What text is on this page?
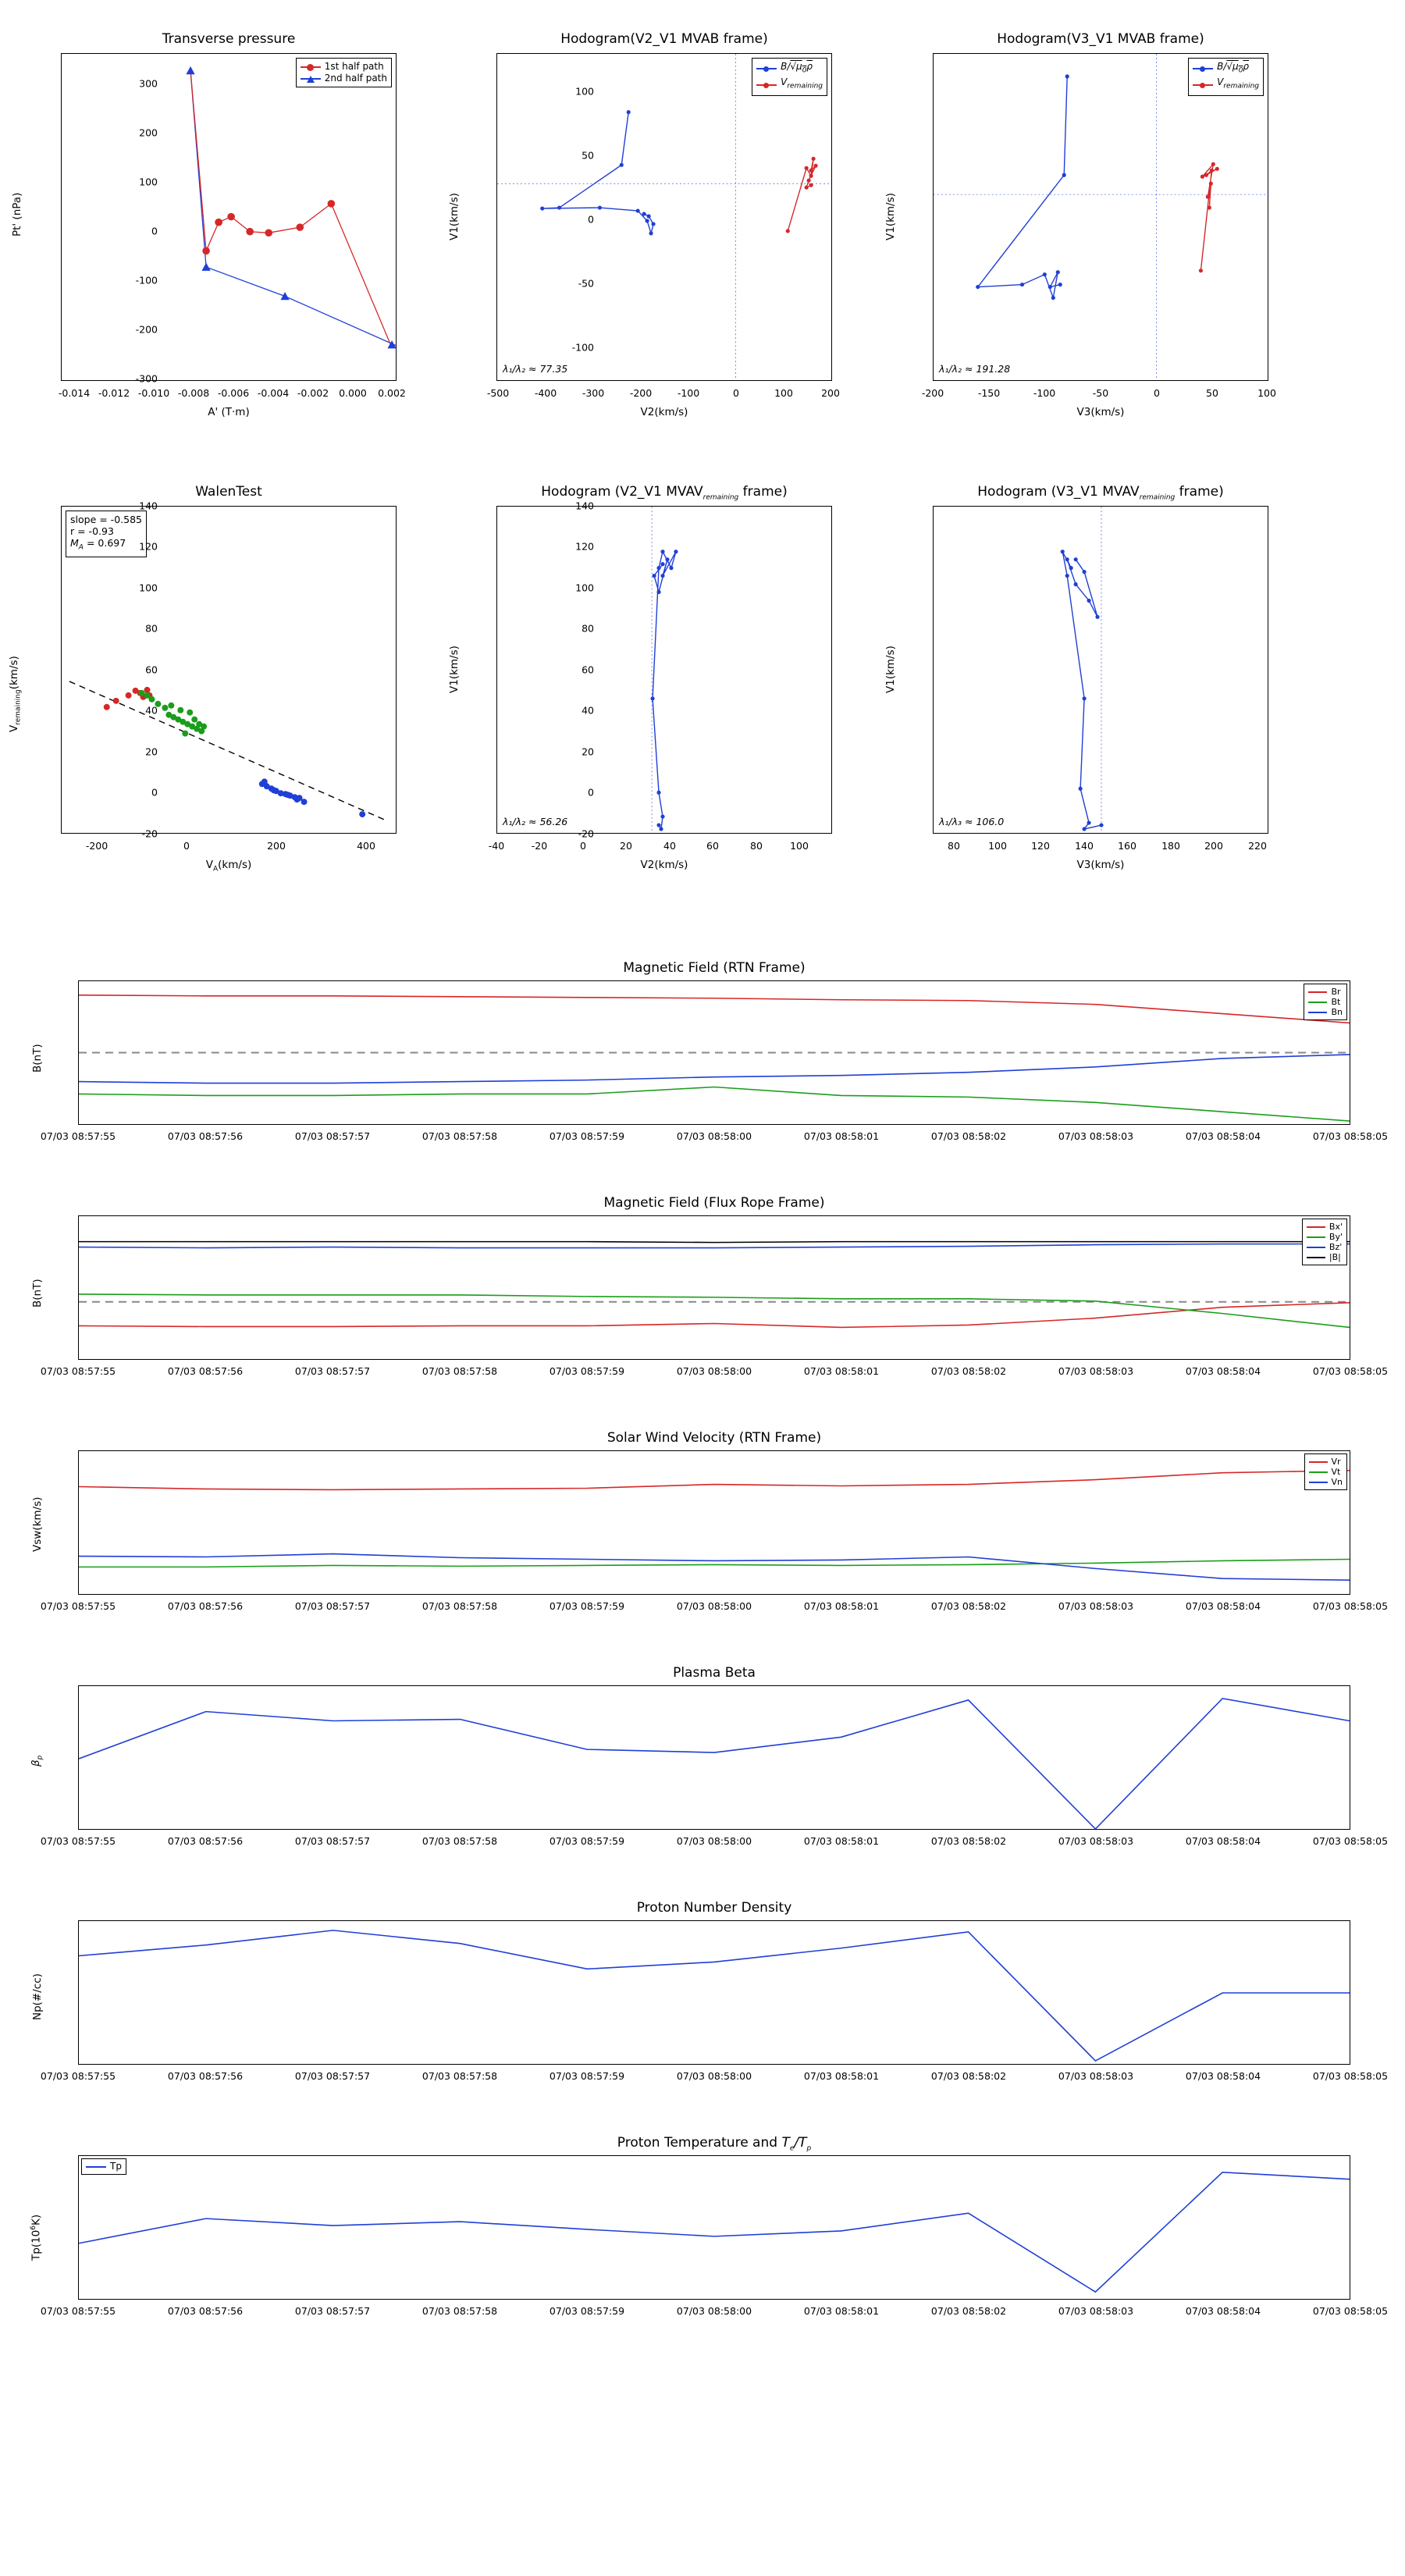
Transverse pressure
1st half path
2nd half path
-0.014 -0.012 -0.010 -0.008 -0.006 -0.004 -0.002 0.000 0.002
A' (T·m)
Pt' (nPa)
Hodogram(V2_V1 MVAB frame)
$B/√\mu_0\rho$
$V_{remaining}$
λ₁/λ₂ ≈ 77.35
-300
-200
-100
0
100
200
300
-500	-400	-300	-200	-100	0	100	200
V2(km/s)
V1(km/s)
Hodogram(V3_V1 MVAB frame)
$B/√\mu_0\rho$
$V_{remaining}$
λ₁/λ₂ ≈ 191.28
-100
-50
0
50
100
-200	-150	-100	-50	0	50	100
V3(km/s)
V1(km/s)
WalenTest
slope = -0.585
r = -0.93
$M_A = 0.697$
-200	0	200	400
$V_A(km/s)$
$V_{remaining}(km/s)$
Hodogram (V2_V1 $MVAV_{remaining}$ frame)
λ₁/λ₂ ≈ 56.26
-20
0
20
40
60
80
100
120
140
-40	-20	0	20	40	60	80	100
V2(km/s)
V1(km/s)
Hodogram (V3_V1 $MVAV_{remaining}$ frame)
λ₁/λ₃ ≈ 106.0
-20
0
20
40
60
80
100
120
140
80	100 120	140 160	180 200	220
V3(km/s)
V1(km/s)
Magnetic Field (RTN Frame)
Br
Bt
Bn
07/03 08:57:55	07/03 08:57:56	07/03 08:57:57	07/03 08:57:58	07/03 08:57:59	07/03 08:58:00	07/03 08:58:01	07/03 08:58:02	07/03 08:58:03	07/03 08:58:04	07/03 08:58:05
B(nT)
Magnetic Field (Flux Rope Frame)
Bx'
By'
Bz'
|B|
07/03 08:57:55	07/03 08:57:56	07/03 08:57:57	07/03 08:57:58	07/03 08:57:59	07/03 08:58:00	07/03 08:58:01	07/03 08:58:02	07/03 08:58:03	07/03 08:58:04	07/03 08:58:05
B(nT)
Solar Wind Velocity (RTN Frame)
Vr
Vt
Vn
07/03 08:57:55	07/03 08:57:56	07/03 08:57:57	07/03 08:57:58	07/03 08:57:59	07/03 08:58:00	07/03 08:58:01	07/03 08:58:02	07/03 08:58:03	07/03 08:58:04	07/03 08:58:05
Vsw(km/s)
Plasma Beta
07/03 08:57:55	07/03 08:57:56	07/03 08:57:57	07/03 08:57:58	07/03 08:57:59	07/03 08:58:00	07/03 08:58:01	07/03 08:58:02	07/03 08:58:03	07/03 08:58:04	07/03 08:58:05
$\beta_p$
Proton Number Density
07/03 08:57:55	07/03 08:57:56	07/03 08:57:57	07/03 08:57:58	07/03 08:57:59	07/03 08:58:00	07/03 08:58:01	07/03 08:58:02	07/03 08:58:03	07/03 08:58:04	07/03 08:58:05
Np(#/cc)
Proton Temperature and $T_e/T_p$
Tp
07/03 08:57:55	07/03 08:57:56	07/03 08:57:57	07/03 08:57:58	07/03 08:57:59	07/03 08:58:00	07/03 08:58:01	07/03 08:58:02	07/03 08:58:03	07/03 08:58:04	07/03 08:58:05
$Tp(10^6K)$
